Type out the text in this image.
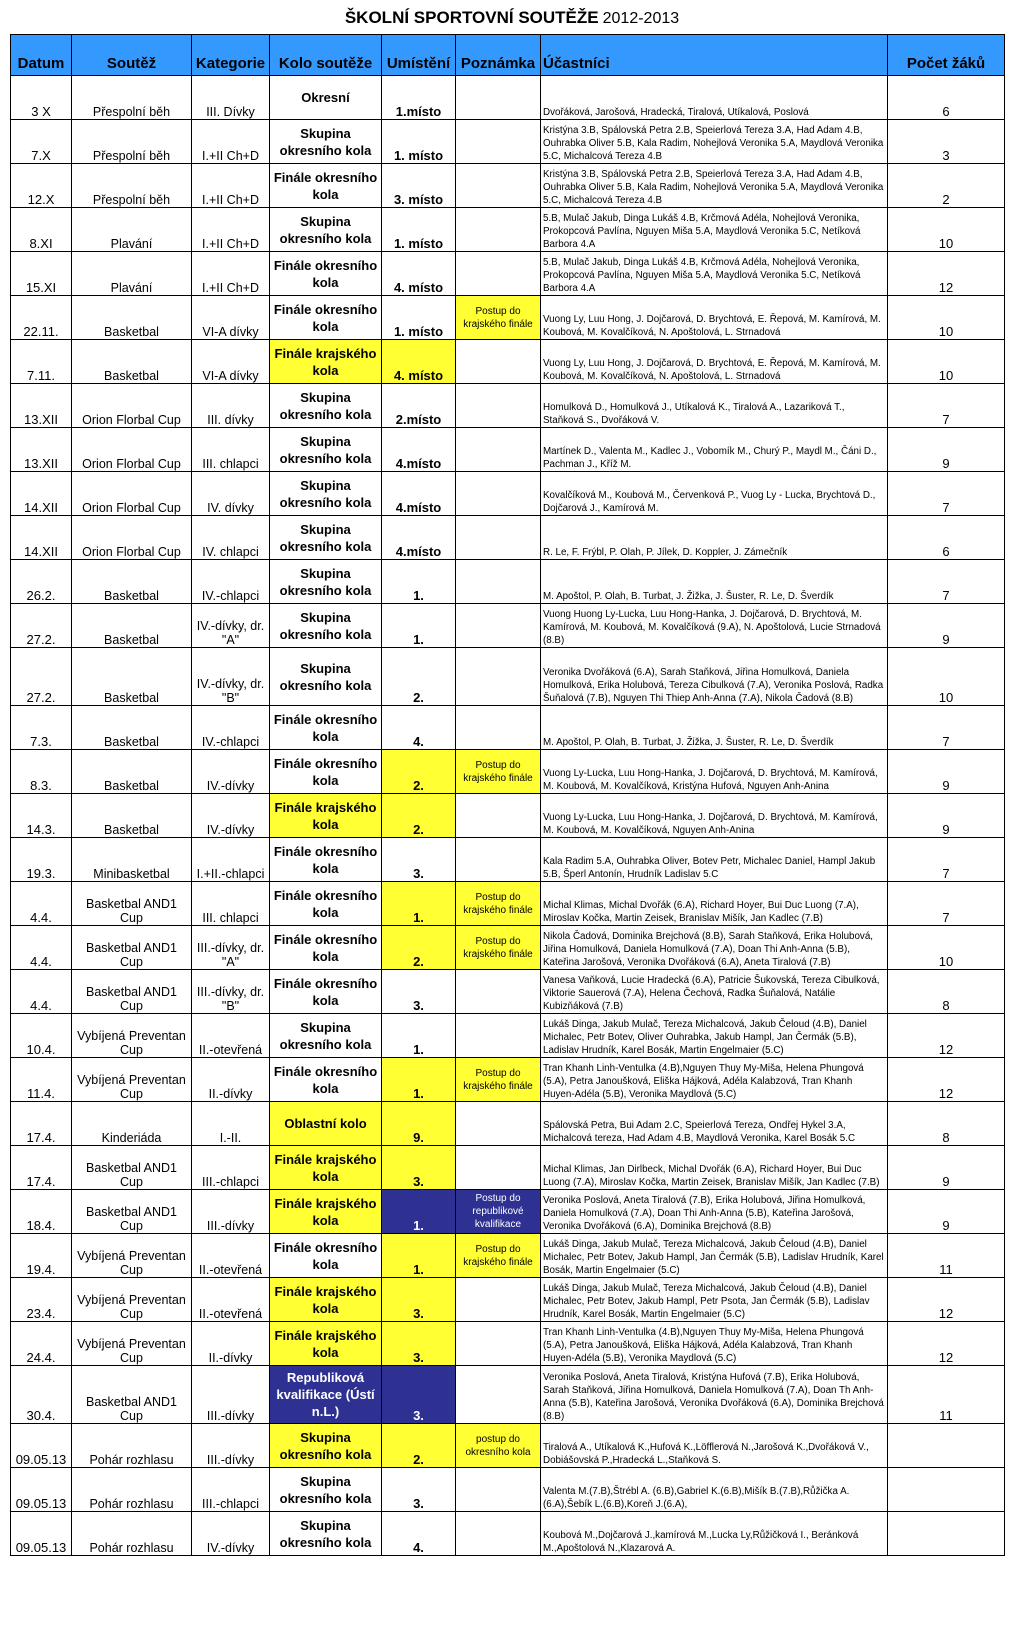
ŠKOLNÍ SPORTOVNÍ SOUTĚŽE 2012-2013
Datum	Soutěž	Kategorie	Kolo soutěže	Umístění	Poznámka	Účastníci	Počet žáků
3 X	Přespolní běh	III. Dívky	Okresní	1.místo		Dvořáková, Jarošová, Hradecká, Tiralová, Utíkalová, Poslová	6
7.X	Přespolní běh	I.+II Ch+D	Skupina okresního kola	1. místo		Kristýna 3.B, Spálovská Petra 2.B, Speierlová Tereza 3.A, Had Adam 4.B, Ouhrabka Oliver 5.B, Kala Radim, Nohejlová Veronika 5.A, Maydlová Veronika 5.C, Michalcová Tereza 4.B	3
12.X	Přespolní běh	I.+II Ch+D	Finále okresního kola	3. místo		Kristýna 3.B, Spálovská Petra 2.B, Speierlová Tereza 3.A, Had Adam 4.B, Ouhrabka Oliver 5.B, Kala Radim, Nohejlová Veronika 5.A, Maydlová Veronika 5.C, Michalcová Tereza 4.B	2
8.XI	Plavání	I.+II Ch+D	Skupina okresního kola	1. místo		5.B, Mulač Jakub, Dinga Lukáš 4.B, Krčmová Adéla, Nohejlová Veronika, Prokopcová Pavlína, Nguyen Miša 5.A, Maydlová Veronika 5.C, Netíková Barbora 4.A	10
15.XI	Plavání	I.+II Ch+D	Finále okresního kola	4. místo		5.B, Mulač Jakub, Dinga Lukáš 4.B, Krčmová Adéla, Nohejlová Veronika, Prokopcová Pavlína, Nguyen Miša 5.A, Maydlová Veronika 5.C, Netíková Barbora 4.A	12
22.11.	Basketbal	VI-A dívky	Finále okresního kola	1. místo	Postup do krajského finále	Vuong Ly, Luu Hong, J. Dojčarová, D. Brychtová, E. Řepová, M. Kamírová, M. Koubová, M. Kovalčíková, N. Apoštolová, L. Strnadová	10
7.11.	Basketbal	VI-A dívky	Finále krajského kola	4. místo		Vuong Ly, Luu Hong, J. Dojčarová, D. Brychtová, E. Řepová, M. Kamírová, M. Koubová, M. Kovalčíková, N. Apoštolová, L. Strnadová	10
13.XII	Orion Florbal Cup	III. dívky	Skupina okresního kola	2.místo		Homulková D., Homulková J., Utíkalová K., Tiralová A., Lazariková T., Staňková S., Dvořáková V.	7
13.XII	Orion Florbal Cup	III. chlapci	Skupina okresního kola	4.místo		Martínek D., Valenta M., Kadlec J., Vobomík M., Churý P., Maydl M., Čáni D., Pachman J., Kříž M.	9
14.XII	Orion Florbal Cup	IV. dívky	Skupina okresního kola	4.místo		Kovalčíková M., Koubová M., Červenková P., Vuog Ly - Lucka, Brychtová D., Dojčarová J., Kamírová M.	7
14.XII	Orion Florbal Cup	IV. chlapci	Skupina okresního kola	4.místo		R. Le, F. Frýbl, P. Olah, P. Jílek, D. Koppler, J. Zámečník	6
26.2.	Basketbal	IV.-chlapci	Skupina okresního kola	1.		M. Apoštol, P. Olah, B. Turbat, J. Žižka, J. Šuster, R. Le, D. Šverdík	7
27.2.	Basketbal	IV.-dívky, dr. "A"	Skupina okresního kola	1.		Vuong Huong Ly-Lucka, Luu Hong-Hanka, J. Dojčarová, D. Brychtová, M. Kamírová, M. Koubová, M. Kovalčíková (9.A), N. Apoštolová, Lucie Strnadová (8.B)	9
27.2.	Basketbal	IV.-dívky, dr. "B"	Skupina okresního kola	2.		Veronika Dvořáková (6.A), Sarah Staňková, Jiřina Homulková, Daniela Homulková, Erika Holubová, Tereza Cibulková (7.A), Veronika Poslová, Radka Šuňalová (7.B), Nguyen Thi Thiep Anh-Anna (7.A), Nikola Čadová (8.B)	10
7.3.	Basketbal	IV.-chlapci	Finále okresního kola	4.		M. Apoštol, P. Olah, B. Turbat, J. Žižka, J. Šuster, R. Le, D. Šverdík	7
8.3.	Basketbal	IV.-dívky	Finále okresního kola	2.	Postup do krajského finále	Vuong Ly-Lucka, Luu Hong-Hanka, J. Dojčarová, D. Brychtová, M. Kamírová, M. Koubová, M. Kovalčíková, Kristýna Hufová, Nguyen Anh-Anina	9
14.3.	Basketbal	IV.-dívky	Finále krajského kola	2.		Vuong Ly-Lucka, Luu Hong-Hanka, J. Dojčarová, D. Brychtová, M. Kamírová, M. Koubová, M. Kovalčíková, Nguyen Anh-Anina	9
19.3.	Minibasketbal	I.+II.-chlapci	Finále okresního kola	3.		Kala Radim 5.A, Ouhrabka Oliver, Botev Petr, Michalec Daniel, Hampl Jakub 5.B, Šperl Antonín, Hrudník Ladislav 5.C	7
4.4.	Basketbal AND1 Cup	III. chlapci	Finále okresního kola	1.	Postup do krajského finále	Michal Klimas, Michal Dvořák (6.A), Richard Hoyer, Bui Duc Luong (7.A), Miroslav Kočka, Martin Zeisek, Branislav Mišík, Jan Kadlec (7.B)	7
4.4.	Basketbal AND1 Cup	III.-dívky, dr. "A"	Finále okresního kola	2.	Postup do krajského finále	Nikola Čadová, Dominika Brejchová (8.B), Sarah Staňková, Erika Holubová, Jiřina Homulková, Daniela Homulková (7.A), Doan Thi Anh-Anna (5.B), Kateřina Jarošová, Veronika Dvořáková (6.A), Aneta Tiralová (7.B)	10
4.4.	Basketbal AND1 Cup	III.-dívky, dr. "B"	Finále okresního kola	3.		Vanesa Vaňková, Lucie Hradecká (6.A), Patricie Šukovská, Tereza Cibulková, Viktorie Sauerová (7.A), Helena Čechová, Radka Šuňalová, Natálie Kubizňáková (7.B)	8
10.4.	Vybíjená Preventan Cup	II.-otevřená	Skupina okresního kola	1.		Lukáš Dinga, Jakub Mulač, Tereza Michalcová, Jakub Čeloud (4.B), Daniel Michalec, Petr Botev, Oliver Ouhrabka, Jakub Hampl, Jan Čermák (5.B), Ladislav Hrudník, Karel Bosák, Martin Engelmaier (5.C)	12
11.4.	Vybíjená Preventan Cup	II.-dívky	Finále okresního kola	1.	Postup do krajského finále	Tran Khanh Linh-Ventulka (4.B),Nguyen Thuy My-Miša, Helena Phungová (5.A), Petra Janoušková, Eliška Hájková, Adéla Kalabzová, Tran Khanh Huyen-Adéla (5.B), Veronika Maydlová (5.C)	12
17.4.	Kinderiáda	I.-II.	Oblastní kolo	9.		Spálovská Petra, Bui Adam 2.C, Speierlová Tereza, Ondřej Hykel 3.A, Michalcová tereza, Had Adam 4.B, Maydlová Veronika, Karel Bosák 5.C	8
17.4.	Basketbal AND1 Cup	III.-chlapci	Finále krajského kola	3.		Michal Klimas, Jan Dirlbeck, Michal Dvořák (6.A), Richard Hoyer, Bui Duc Luong (7.A), Miroslav Kočka, Martin Zeisek, Branislav Mišík, Jan Kadlec (7.B)	9
18.4.	Basketbal AND1 Cup	III.-dívky	Finále krajského kola	1.	Postup do republikové kvalifikace	Veronika Poslová, Aneta Tiralová (7.B), Erika Holubová, Jiřina Homulková, Daniela Homulková (7.A), Doan Thi Anh-Anna (5.B), Kateřina Jarošová, Veronika Dvořáková (6.A), Dominika Brejchová (8.B)	9
19.4.	Vybíjená Preventan Cup	II.-otevřená	Finále okresního kola	1.	Postup do krajského finále	Lukáš Dinga, Jakub Mulač, Tereza Michalcová, Jakub Čeloud (4.B), Daniel Michalec, Petr Botev, Jakub Hampl, Jan Čermák (5.B), Ladislav Hrudník, Karel Bosák, Martin Engelmaier (5.C)	11
23.4.	Vybíjená Preventan Cup	II.-otevřená	Finále krajského kola	3.		Lukáš Dinga, Jakub Mulač, Tereza Michalcová, Jakub Čeloud (4.B), Daniel Michalec, Petr Botev, Jakub Hampl, Petr Psota, Jan Čermák (5.B), Ladislav Hrudník, Karel Bosák, Martin Engelmaier (5.C)	12
24.4.	Vybíjená Preventan Cup	II.-dívky	Finále krajského kola	3.		Tran Khanh Linh-Ventulka (4.B),Nguyen Thuy My-Miša, Helena Phungová (5.A), Petra Janoušková, Eliška Hájková, Adéla Kalabzová, Tran Khanh Huyen-Adéla (5.B), Veronika Maydlová (5.C)	12
30.4.	Basketbal AND1 Cup	III.-dívky	Republiková kvalifikace (Ústí n.L.)	3.		Veronika Poslová, Aneta Tiralová, Kristýna Hufová (7.B), Erika Holubová, Sarah Staňková, Jiřina Homulková, Daniela Homulková (7.A), Doan Th Anh-Anna (5.B), Kateřina Jarošová, Veronika Dvořáková (6.A), Dominika Brejchová (8.B)	11
09.05.13	Pohár rozhlasu	III.-dívky	Skupina okresního kola	2.	postup do okresního kola	Tiralová A., Utíkalová K.,Hufová K.,Löfflerová N.,Jarošová K.,Dvořáková V., Dobiášovská P.,Hradecká L.,Staňková S.	
09.05.13	Pohár rozhlasu	III.-chlapci	Skupina okresního kola	3.		Valenta M.(7.B),Štrébl A. (6.B),Gabriel K.(6.B),Mišík B.(7.B),Růžička A.(6.A),Šebík L.(6.B),Koreň J.(6.A),	
09.05.13	Pohár rozhlasu	IV.-dívky	Skupina okresního kola	4.		Koubová M.,Dojčarová J.,kamírová M.,Lucka Ly,Růžičková I., Beránková M.,Apoštolová N.,Klazarová A.	
